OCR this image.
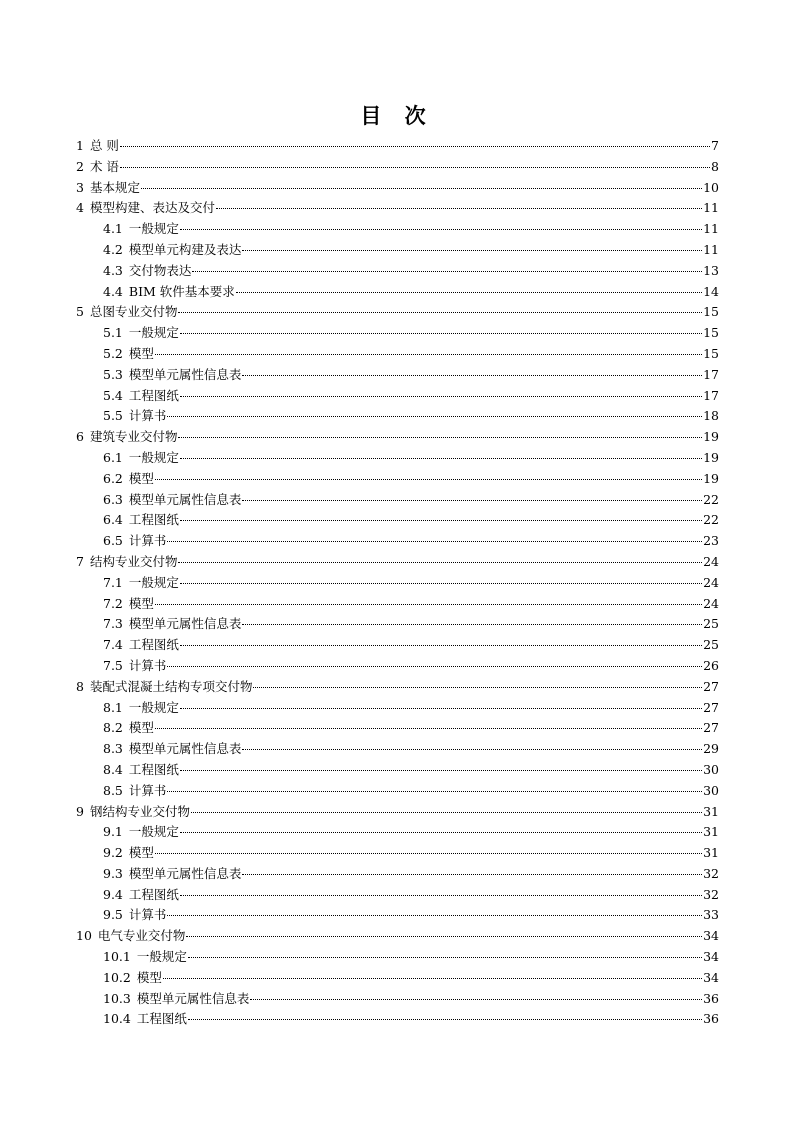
目 次
1 总 则	7
2 术 语	8
3 基本规定	10
4 模型构建、表达及交付	11
4.1 一般规定	11
4.2 模型单元构建及表达	11
4.3 交付物表达	13
4.4 BIM 软件基本要求	14
5 总图专业交付物	15
5.1 一般规定	15
5.2 模型	15
5.3 模型单元属性信息表	17
5.4 工程图纸	17
5.5 计算书	18
6 建筑专业交付物	19
6.1 一般规定	19
6.2 模型	19
6.3 模型单元属性信息表	22
6.4 工程图纸	22
6.5 计算书	23
7 结构专业交付物	24
7.1 一般规定	24
7.2 模型	24
7.3 模型单元属性信息表	25
7.4 工程图纸	25
7.5 计算书	26
8 装配式混凝土结构专项交付物	27
8.1 一般规定	27
8.2 模型	27
8.3 模型单元属性信息表	29
8.4 工程图纸	30
8.5 计算书	30
9 钢结构专业交付物	31
9.1 一般规定	31
9.2 模型	31
9.3 模型单元属性信息表	32
9.4 工程图纸	32
9.5 计算书	33
10 电气专业交付物	34
10.1 一般规定	34
10.2 模型	34
10.3 模型单元属性信息表	36
10.4 工程图纸	36
